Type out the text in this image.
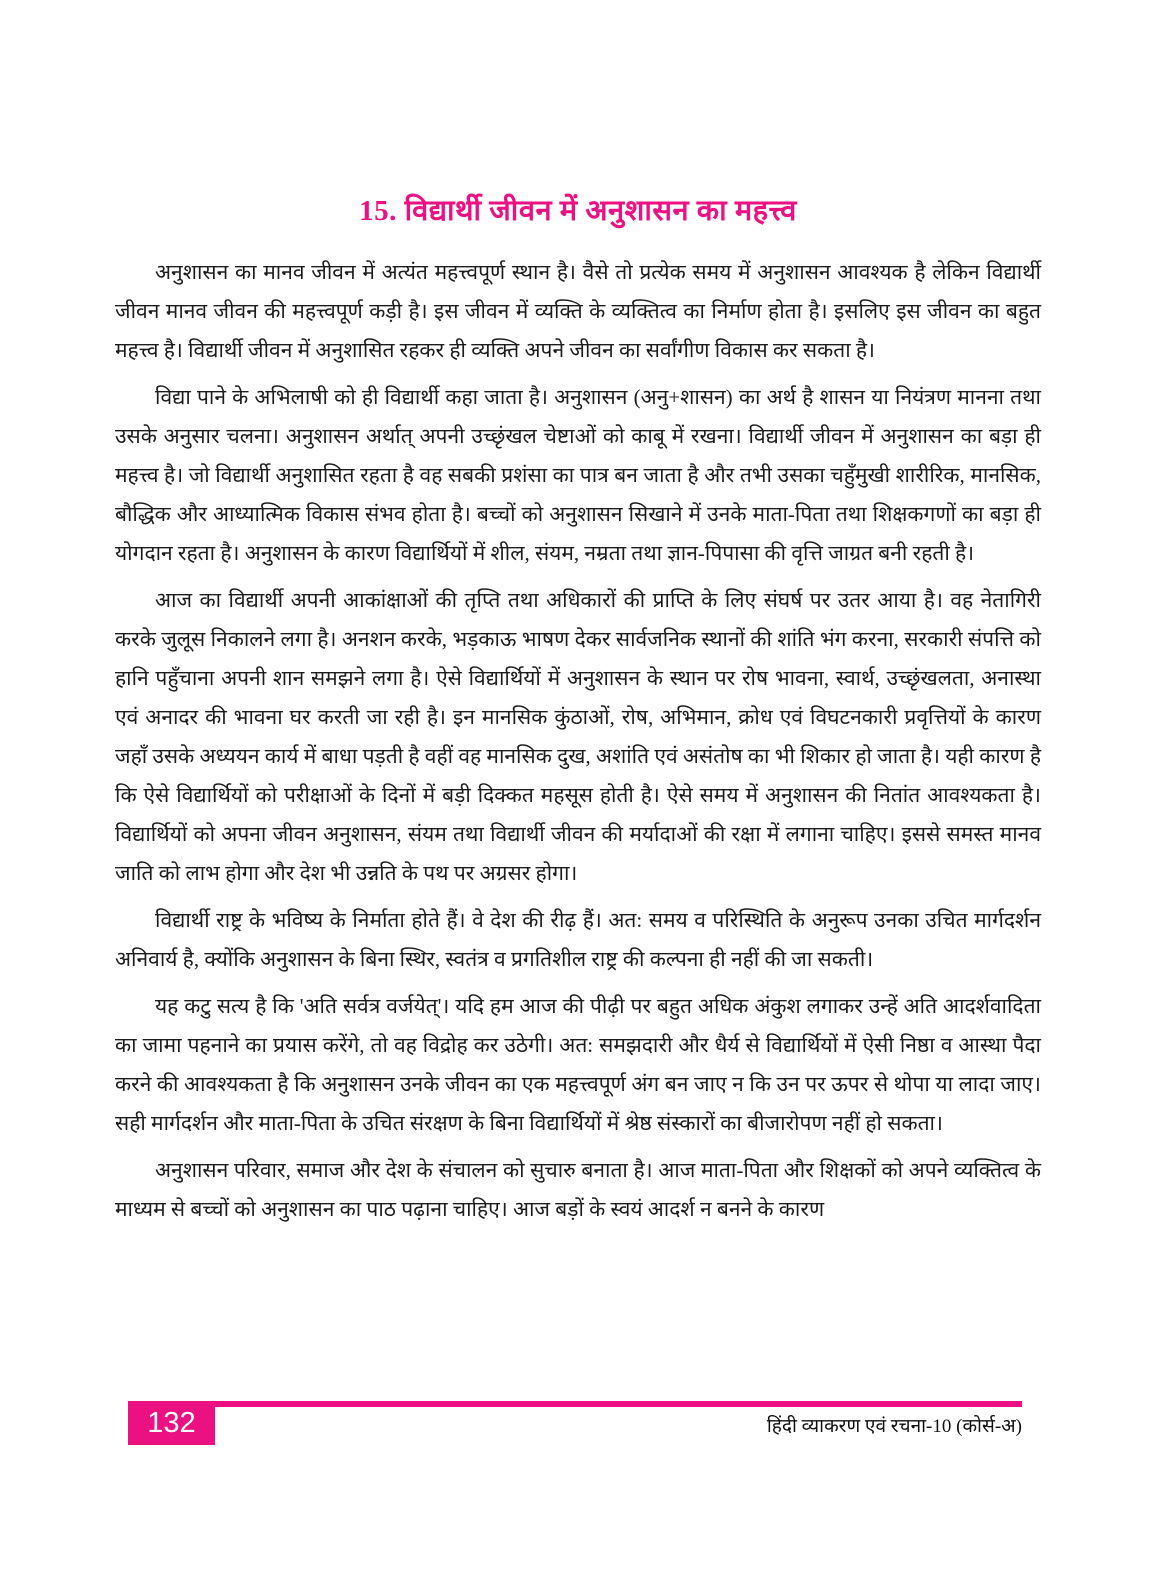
15. विद्यार्थी जीवन में अनुशासन का महत्त्व

अनुशासन का मानव जीवन में अत्यंत महत्त्वपूर्ण स्थान है। वैसे तो प्रत्येक समय में अनुशासन आवश्यक है लेकिन विद्यार्थी जीवन मानव जीवन की महत्त्वपूर्ण कड़ी है। इस जीवन में व्यक्ति के व्यक्तित्व का निर्माण होता है। इसलिए इस जीवन का बहुत महत्त्व है। विद्यार्थी जीवन में अनुशासित रहकर ही व्यक्ति अपने जीवन का सर्वांगीण विकास कर सकता है।

विद्या पाने के अभिलाषी को ही विद्यार्थी कहा जाता है। अनुशासन (अनु+शासन) का अर्थ है शासन या नियंत्रण मानना तथा उसके अनुसार चलना। अनुशासन अर्थात् अपनी उच्छृंखल चेष्टाओं को काबू में रखना। विद्यार्थी जीवन में अनुशासन का बड़ा ही महत्त्व है। जो विद्यार्थी अनुशासित रहता है वह सबकी प्रशंसा का पात्र बन जाता है और तभी उसका चहुँमुखी शारीरिक, मानसिक, बौद्धिक और आध्यात्मिक विकास संभव होता है। बच्चों को अनुशासन सिखाने में उनके माता-पिता तथा शिक्षकगणों का बड़ा ही योगदान रहता है। अनुशासन के कारण विद्यार्थियों में शील, संयम, नम्रता तथा ज्ञान-पिपासा की वृत्ति जाग्रत बनी रहती है।

आज का विद्यार्थी अपनी आकांक्षाओं की तृप्ति तथा अधिकारों की प्राप्ति के लिए संघर्ष पर उतर आया है। वह नेतागिरी करके जुलूस निकालने लगा है। अनशन करके, भड़काऊ भाषण देकर सार्वजनिक स्थानों की शांति भंग करना, सरकारी संपत्ति को हानि पहुँचाना अपनी शान समझने लगा है। ऐसे विद्यार्थियों में अनुशासन के स्थान पर रोष भावना, स्वार्थ, उच्छृंखलता, अनास्था एवं अनादर की भावना घर करती जा रही है। इन मानसिक कुंठाओं, रोष, अभिमान, क्रोध एवं विघटनकारी प्रवृत्तियों के कारण जहाँ उसके अध्ययन कार्य में बाधा पड़ती है वहीं वह मानसिक दुख, अशांति एवं असंतोष का भी शिकार हो जाता है। यही कारण है कि ऐसे विद्यार्थियों को परीक्षाओं के दिनों में बड़ी दिक्कत महसूस होती है। ऐसे समय में अनुशासन की नितांत आवश्यकता है। विद्यार्थियों को अपना जीवन अनुशासन, संयम तथा विद्यार्थी जीवन की मर्यादाओं की रक्षा में लगाना चाहिए। इससे समस्त मानव जाति को लाभ होगा और देश भी उन्नति के पथ पर अग्रसर होगा।

विद्यार्थी राष्ट्र के भविष्य के निर्माता होते हैं। वे देश की रीढ़ हैं। अत: समय व परिस्थिति के अनुरूप उनका उचित मार्गदर्शन अनिवार्य है, क्योंकि अनुशासन के बिना स्थिर, स्वतंत्र व प्रगतिशील राष्ट्र की कल्पना ही नहीं की जा सकती।

यह कटु सत्य है कि 'अति सर्वत्र वर्जयेत्'। यदि हम आज की पीढ़ी पर बहुत अधिक अंकुश लगाकर उन्हें अति आदर्शवादिता का जामा पहनाने का प्रयास करेंगे, तो वह विद्रोह कर उठेगी। अत: समझदारी और धैर्य से विद्यार्थियों में ऐसी निष्ठा व आस्था पैदा करने की आवश्यकता है कि अनुशासन उनके जीवन का एक महत्त्वपूर्ण अंग बन जाए न कि उन पर ऊपर से थोपा या लादा जाए। सही मार्गदर्शन और माता-पिता के उचित संरक्षण के बिना विद्यार्थियों में श्रेष्ठ संस्कारों का बीजारोपण नहीं हो सकता।

अनुशासन परिवार, समाज और देश के संचालन को सुचारु बनाता है। आज माता-पिता और शिक्षकों को अपने व्यक्तित्व के माध्यम से बच्चों को अनुशासन का पाठ पढ़ाना चाहिए। आज बड़ों के स्वयं आदर्श न बनने के कारण

132	हिंदी व्याकरण एवं रचना-10 (कोर्स-अ)
